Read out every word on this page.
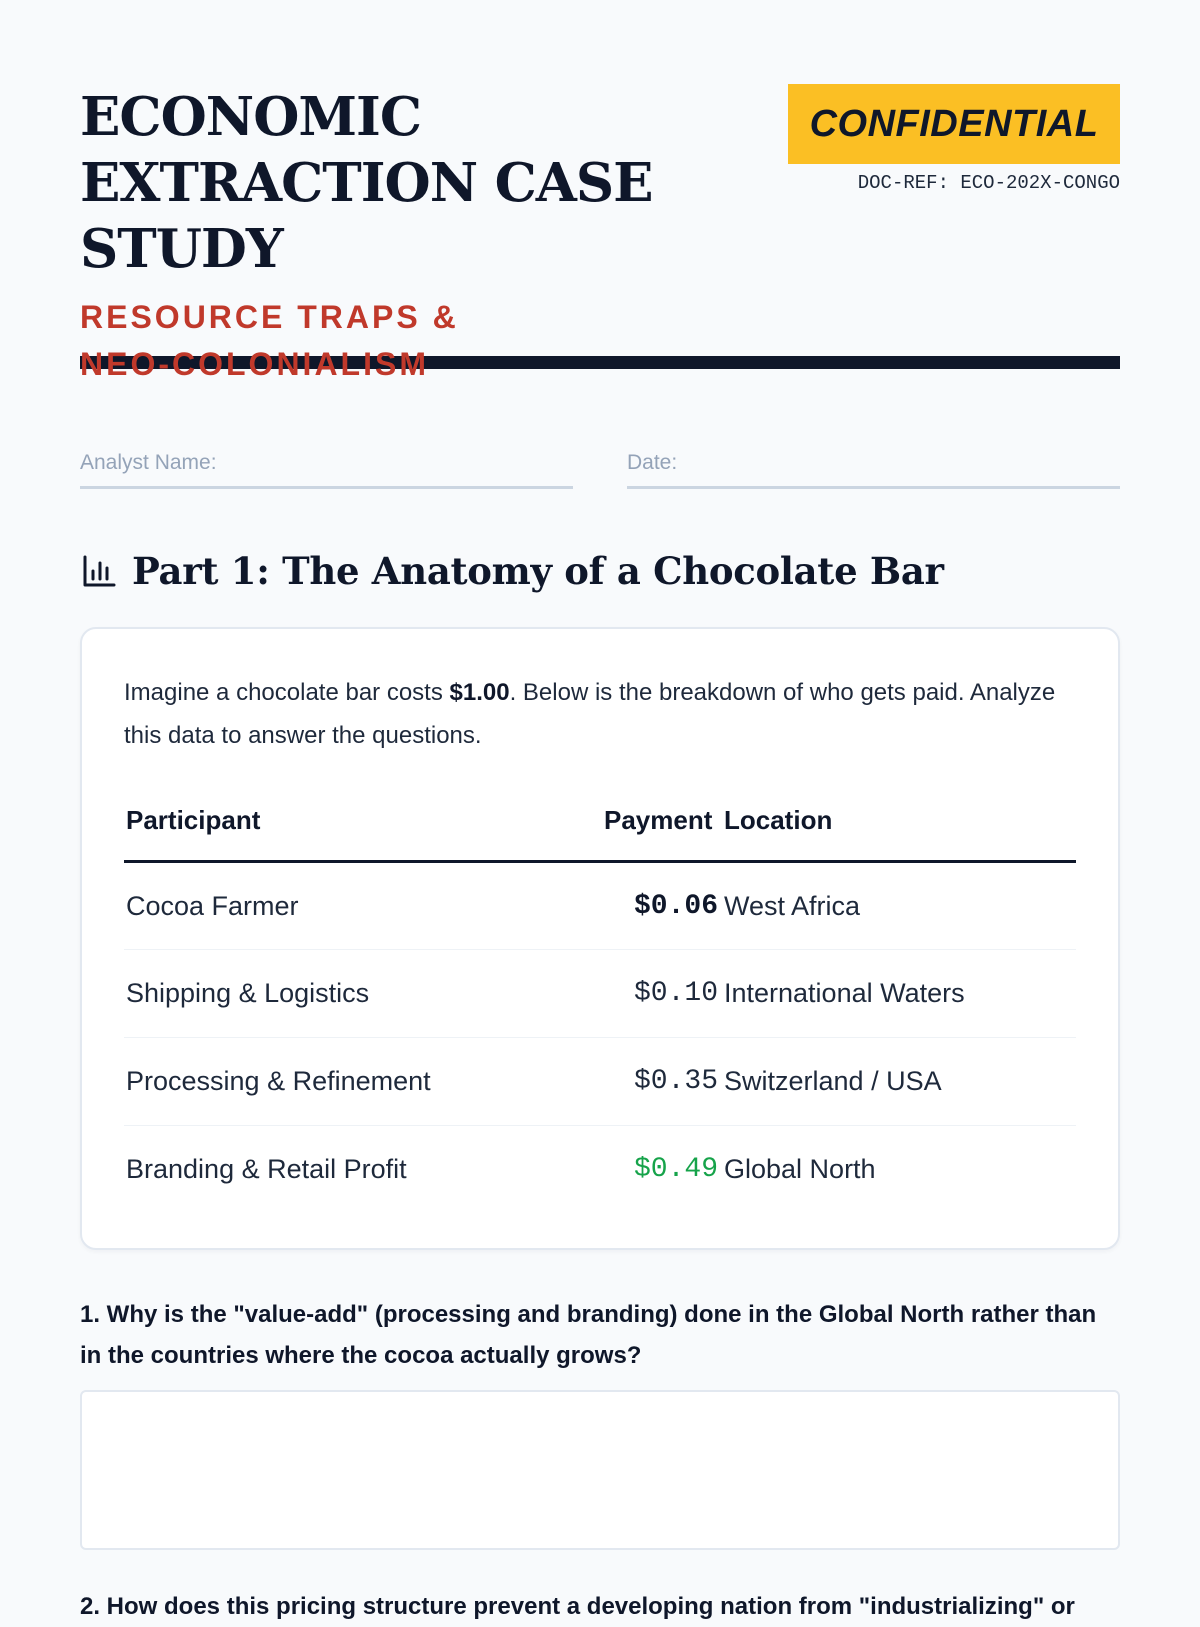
ECONOMIC EXTRACTION CASE STUDY
RESOURCE TRAPS & NEO-COLONIALISM
CONFIDENTIAL
DOC-REF: ECO-202X-CONGO
Analyst Name:	Date:
Part 1: The Anatomy of a Chocolate Bar

Imagine a chocolate bar costs $1.00. Below is the breakdown of who gets paid. Analyze this data to answer the questions.

Participant	Payment	Location
Cocoa Farmer	$0.06	West Africa
Shipping & Logistics	$0.10	International Waters
Processing & Refinement	$0.35	Switzerland / USA
Branding & Retail Profit	$0.49	Global North

1. Why is the "value-add" (processing and branding) done in the Global North rather than in the countries where the cocoa actually grows?

2. How does this pricing structure prevent a developing nation from "industrializing" or
